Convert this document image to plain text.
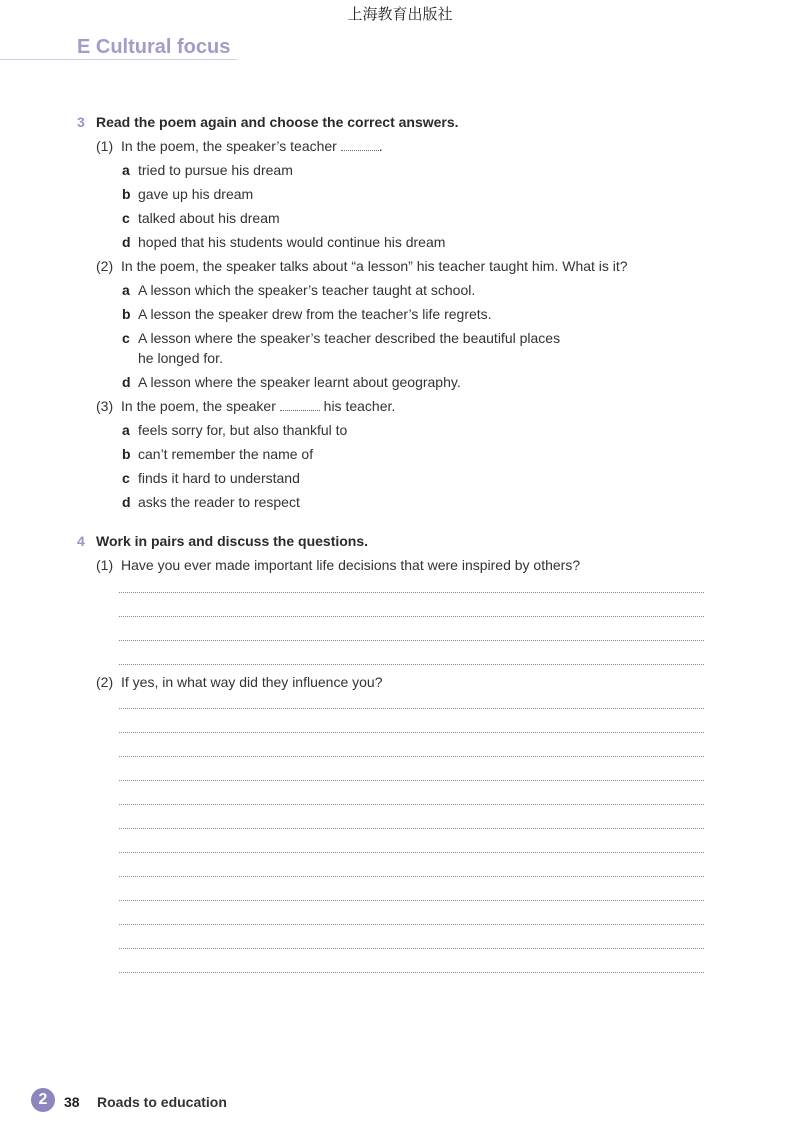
上海教育出版社
E Cultural focus
3 Read the poem again and choose the correct answers.
(1) In the poem, the speaker’s teacher	.
a tried to pursue his dream
b gave up his dream
c talked about his dream
d hoped that his students would continue his dream
(2) In the poem, the speaker talks about “a lesson” his teacher taught him. What is it?
a A lesson which the speaker’s teacher taught at school.
b A lesson the speaker drew from the teacher’s life regrets.
c A lesson where the speaker’s teacher described the beautiful places
he longed for.
d A lesson where the speaker learnt about geography.
(3) In the poem, the speaker	his teacher.
a feels sorry for, but also thankful to
b can’t remember the name of
c finds it hard to understand
d asks the reader to respect
4 Work in pairs and discuss the questions.
(1) Have you ever made important life decisions that were inspired by others?
(2) If yes, in what way did they influence you?
2	38 Roads to education
